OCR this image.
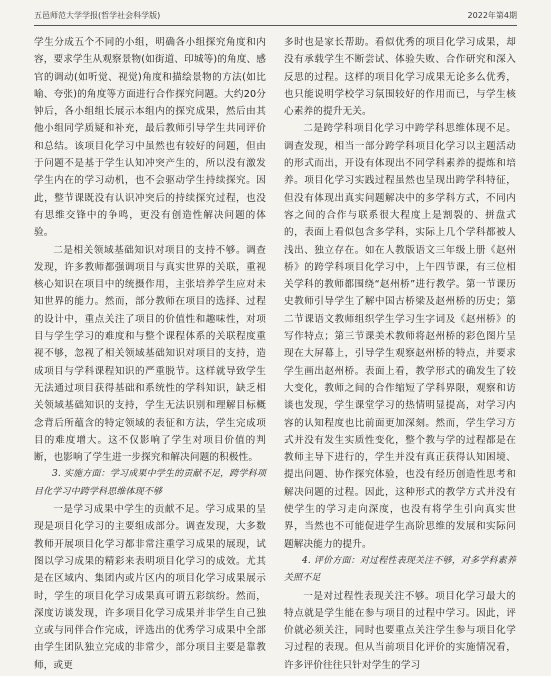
五邑师范大学学报(哲学社会科学版)	2022年第4期

学生分成五个不同的小组，明确各小组探究角度和内容，要求学生从观察景物(如街道、印城等)的角度、感官的调动(如听觉、视觉)角度和描绘景物的方法(如比喻、夸张)的角度等方面进行合作探究问题。大约20分钟后，各小组组长展示本组内的探究成果，然后由其他小组同学质疑和补充，最后教师引导学生共同评价和总结。该项目化学习中虽然也有较好的问题，但由于问题不是基于学生认知冲突产生的，所以没有激发学生内在的学习动机，也不会驱动学生持续探究。因此，整节课既没有认识冲突后的持续探究过程，也没有思维交锋中的争鸣，更没有创造性解决问题的体验。

二是相关领域基础知识对项目的支持不够。调查发现，许多教师都强调项目与真实世界的关联，重视核心知识在项目中的统摄作用，主张培养学生应对未知世界的能力。然而，部分教师在项目的选择、过程的设计中，重点关注了项目的价值性和趣味性，对项目与学生学习的难度和与整个课程体系的关联程度重视不够，忽视了相关领域基础知识对项目的支持，造成项目与学科课程知识的严重脱节。这样就导致学生无法通过项目获得基础和系统性的学科知识，缺乏相关领域基础知识的支持，学生无法识别和理解目标概念背后所蕴含的特定领域的表征和方法，学生完成项目的难度增大。这不仅影响了学生对项目价值的判断，也影响了学生进一步探究和解决问题的积极性。

3. 实施方面：学习成果中学生的贡献不足，跨学科项目化学习中跨学科思维体现不够

一是学习成果中学生的贡献不足。学习成果的呈现是项目化学习的主要组成部分。调查发现，大多数教师开展项目化学习都非常注重学习成果的展现，试图以学习成果的精彩来表明项目化学习的成效。尤其是在区域内、集团内或片区内的项目化学习成果展示时，学生的项目化学习成果真可谓五彩缤纷。然而，深度访谈发现，许多项目化学习成果并非学生自己独立或与同伴合作完成，评选出的优秀学习成果中全部由学生团队独立完成的非常少，部分项目主要是靠教师，或更

多时也是家长帮助。看似优秀的项目化学习成果，却没有承载学生不断尝试、体验失败、合作研究和深入反思的过程。这样的项目化学习成果无论多么优秀，也只能说明学校学习氛围较好的作用而已，与学生核心素养的提升无关。

二是跨学科项目化学习中跨学科思维体现不足。调查发现，相当一部分跨学科项目化学习以主题活动的形式而出，开设有体现出不同学科素养的提炼和培养。项目化学习实践过程虽然也呈现出跨学科特征，但没有体现出真实问题解决中的多学科方式，不同内容之间的合作与联系很大程度上是割裂的、拼盘式的，表面上看似包含多学科，实际上几个学科都被人浅出、独立存在。如在人教版语文三年级上册《赵州桥》的跨学科项目化学习中，上午四节课，有三位相关学科的教师都围绕“赵州桥”进行教学。第一节课历史教师引导学生了解中国古桥梁及赵州桥的历史；第二节课语文教师组织学生学习生字词及《赵州桥》的写作特点；第三节课美术教师将赵州桥的彩色图片呈现在大屏幕上，引导学生观察赵州桥的特点，并要求学生画出赵州桥。表面上看，教学形式的确发生了较大变化，教师之间的合作缩短了学科界限，观察和访谈也发现，学生课堂学习的热情明显提高，对学习内容的认知程度也比前面更加深刻。然而，学生学习方式并没有发生实质性变化，整个教与学的过程都是在教师主导下进行的，学生并没有真正获得认知困境、提出问题、协作探究体验，也没有经历创造性思考和解决问题的过程。因此，这种形式的教学方式并没有使学生的学习走向深度，也没有将学生引向真实世界，当然也不可能促进学生高阶思维的发展和实际问题解决能力的提升。

4. 评价方面：对过程性表现关注不够，对多学科素养关照不足

一是对过程性表现关注不够。项目化学习最大的特点就是学生能在参与项目的过程中学习。因此，评价就必须关注，同时也要重点关注学生参与项目化学习过程的表现。但从当前项目化评价的实施情况看，许多评价往往只针对学生的学习
